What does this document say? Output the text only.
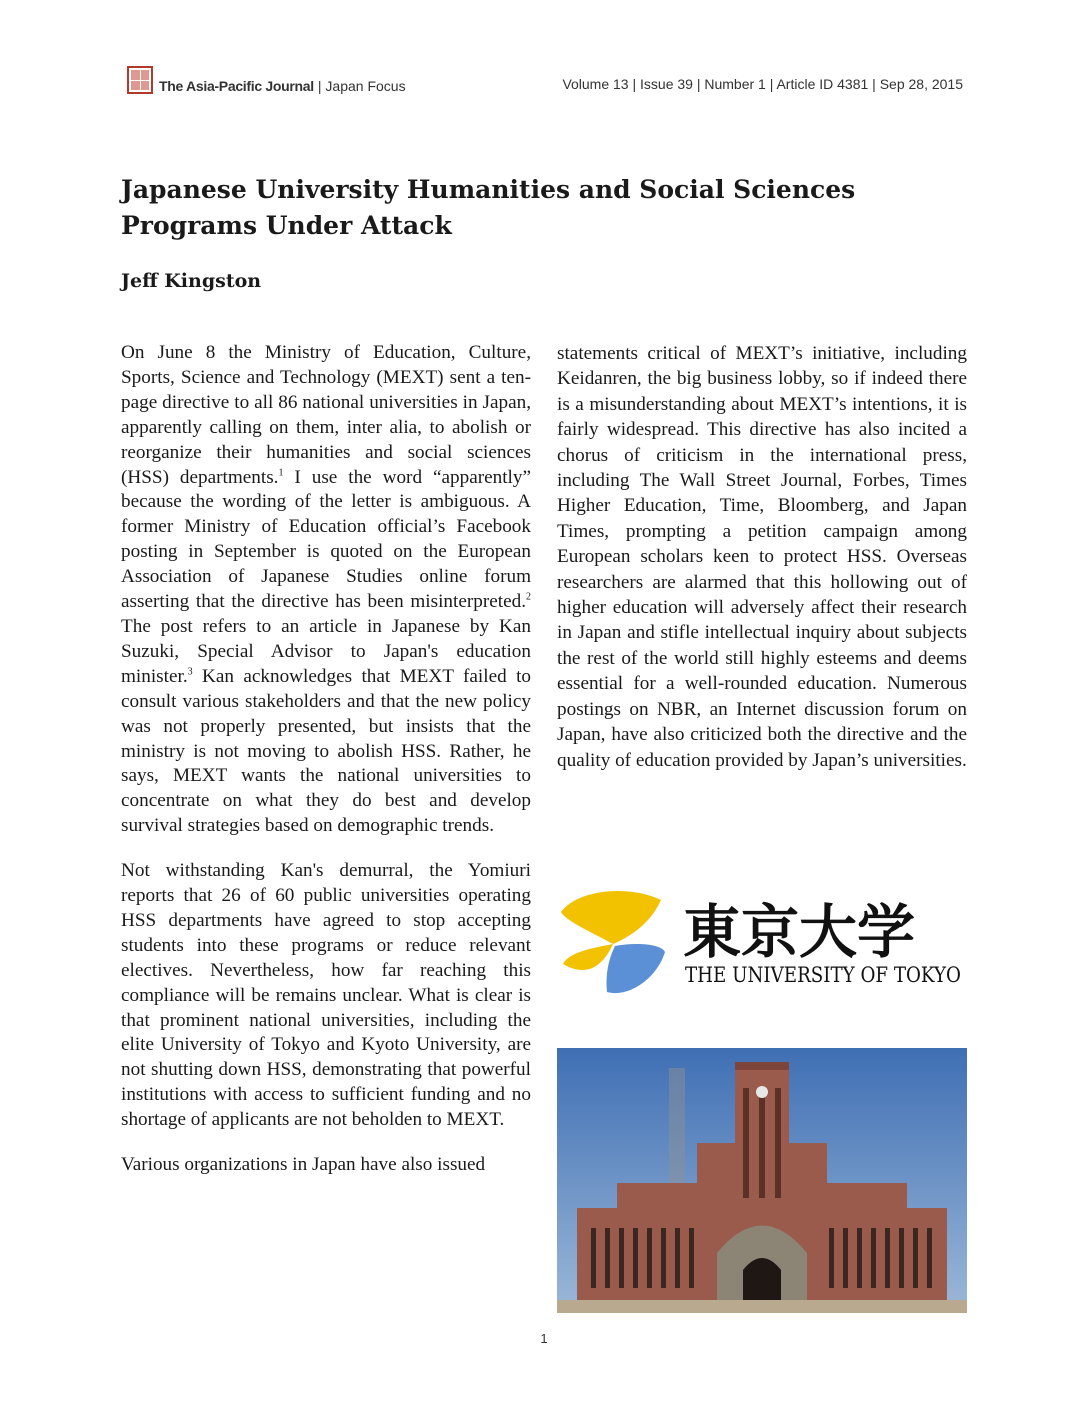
The Asia-Pacific Journal | Japan Focus	Volume 13 | Issue 39 | Number 1 | Article ID 4381 | Sep 28, 2015
Japanese University Humanities and Social Sciences Programs Under Attack
Jeff Kingston

On June 8 the Ministry of Education, Culture, Sports, Science and Technology (MEXT) sent a ten-page directive to all 86 national universities in Japan, apparently calling on them, inter alia, to abolish or reorganize their humanities and social sciences (HSS) departments.$^1$ I use the word “apparently” because the wording of the letter is ambiguous. A former Ministry of Education official’s Facebook posting in September is quoted on the European Association of Japanese Studies online forum asserting that the directive has been misinterpreted.$^2$ The post refers to an article in Japanese by Kan Suzuki, Special Advisor to Japan's education minister.$^3$ Kan acknowledges that MEXT failed to consult various stakeholders and that the new policy was not properly presented, but insists that the ministry is not moving to abolish HSS. Rather, he says, MEXT wants the national universities to concentrate on what they do best and develop survival strategies based on demographic trends.

Not withstanding Kan's demurral, the Yomiuri reports that 26 of 60 public universities operating HSS departments have agreed to stop accepting students into these programs or reduce relevant electives. Nevertheless, how far reaching this compliance will be remains unclear. What is clear is that prominent national universities, including the elite University of Tokyo and Kyoto University, are not shutting down HSS, demonstrating that powerful institutions with access to sufficient funding and no shortage of applicants are not beholden to MEXT.

Various organizations in Japan have also issued

statements critical of MEXT’s initiative, including Keidanren, the big business lobby, so if indeed there is a misunderstanding about MEXT’s intentions, it is fairly widespread. This directive has also incited a chorus of criticism in the international press, including The Wall Street Journal, Forbes, Times Higher Education, Time, Bloomberg, and Japan Times, prompting a petition campaign among European scholars keen to protect HSS. Overseas researchers are alarmed that this hollowing out of higher education will adversely affect their research in Japan and stifle intellectual inquiry about subjects the rest of the world still highly esteems and deems essential for a well-rounded education. Numerous postings on NBR, an Internet discussion forum on Japan, have also criticized both the directive and the quality of education provided by Japan’s universities.

東京大学
THE UNIVERSITY OF TOKYO
1
